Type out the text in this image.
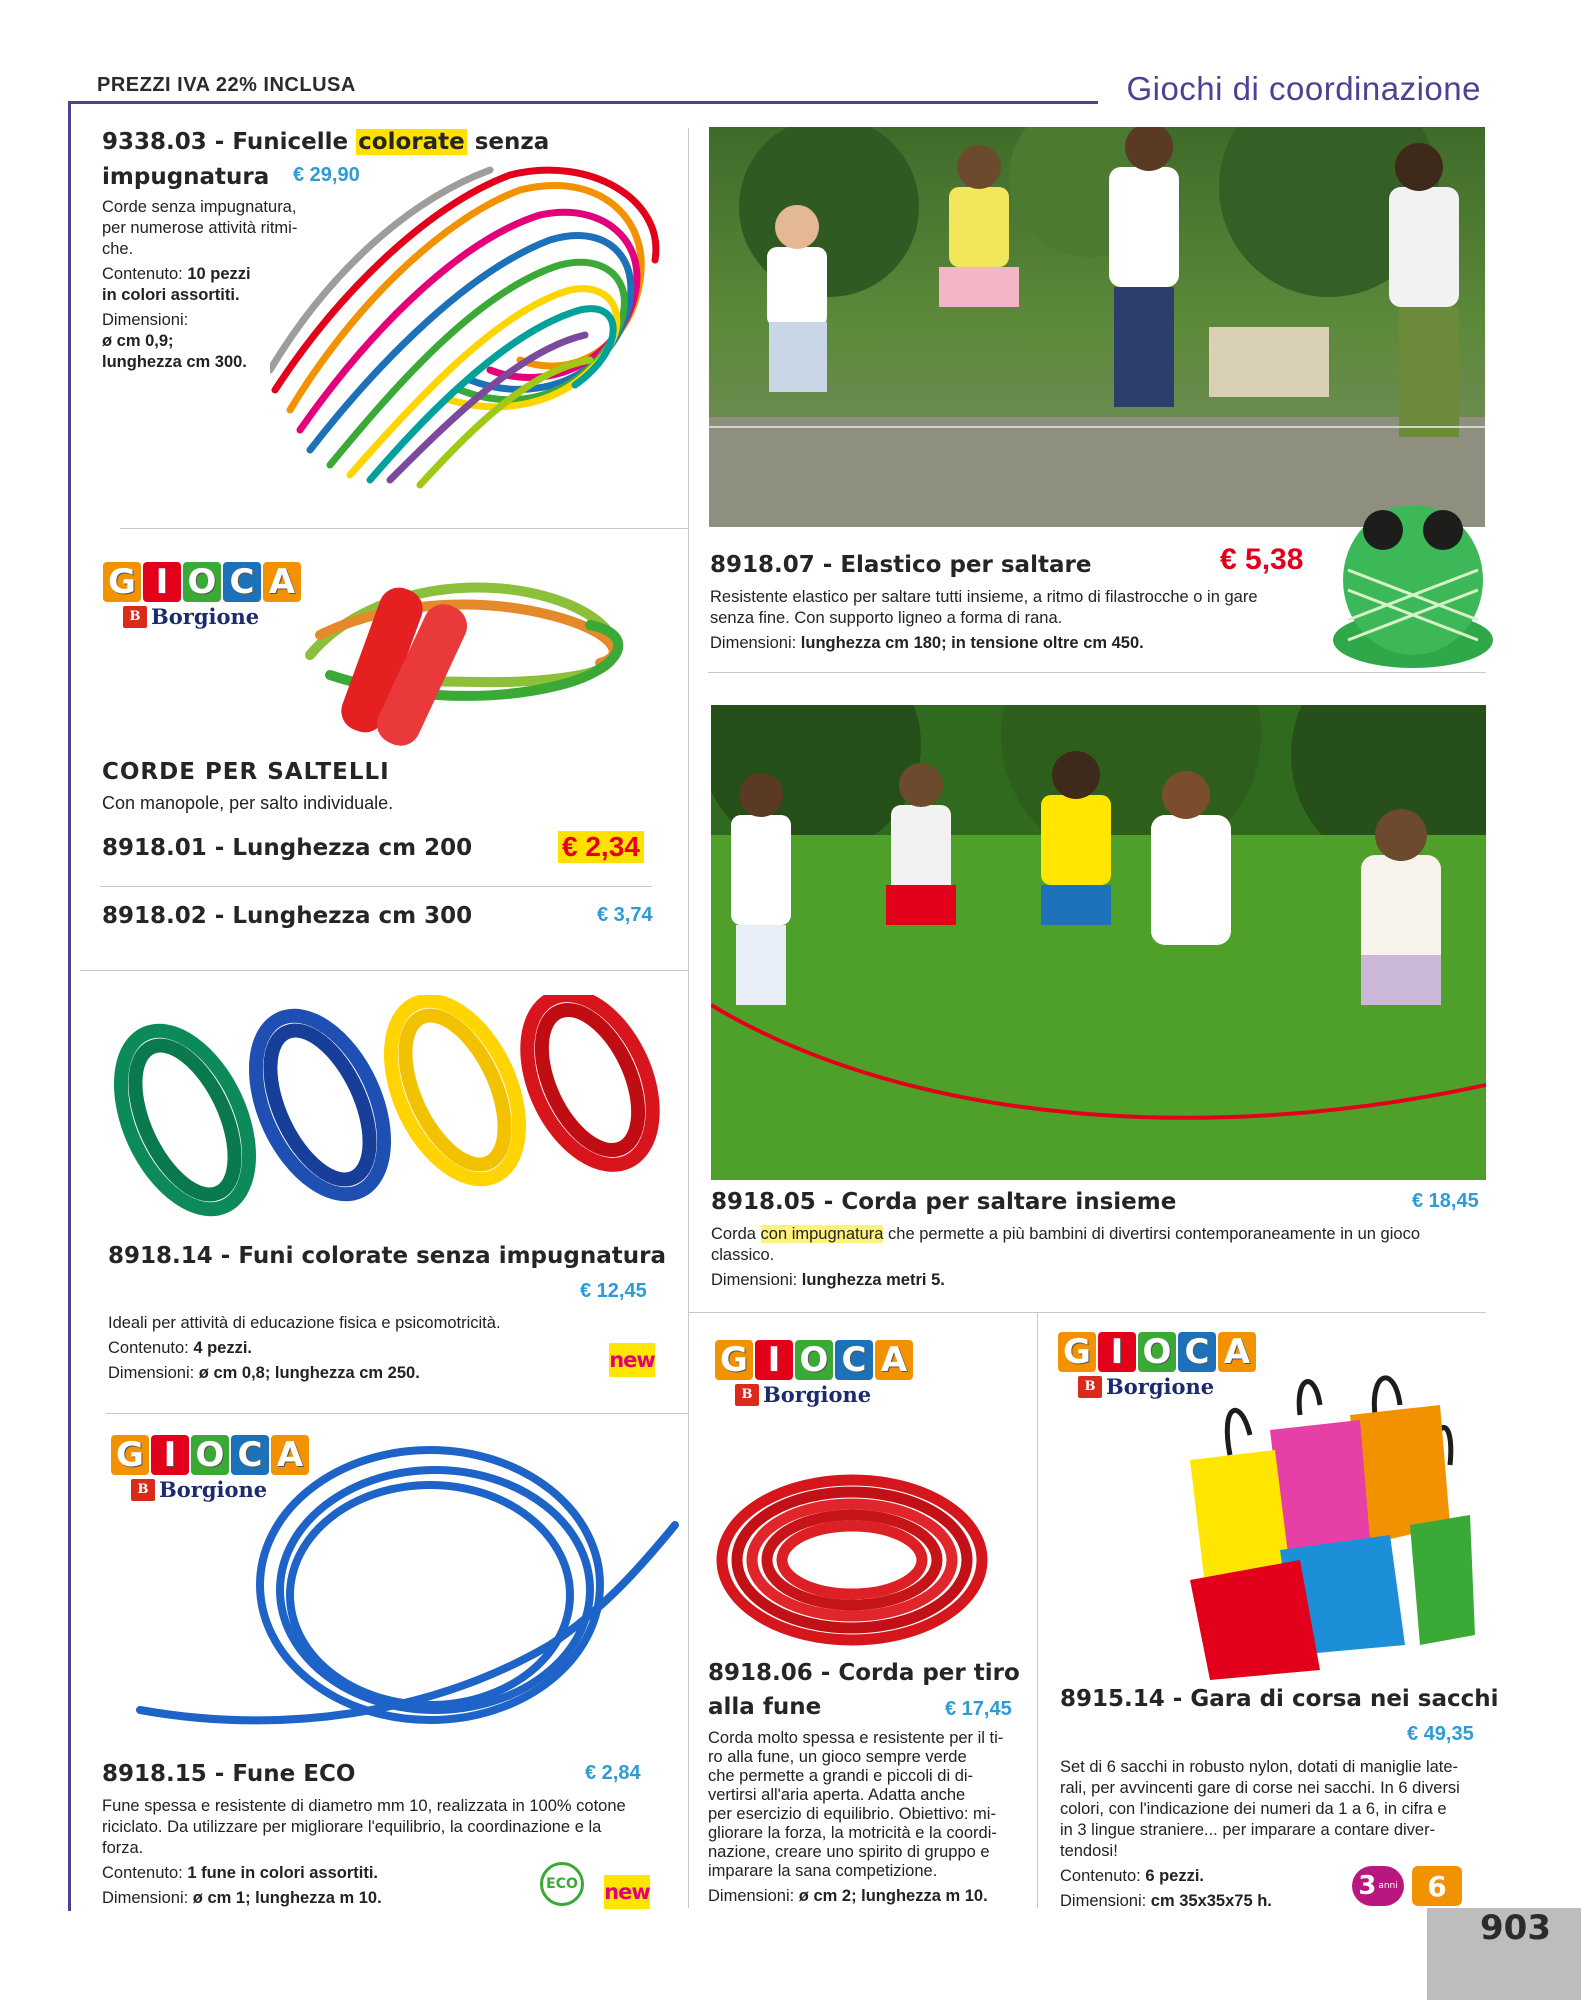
PREZZI IVA 22% INCLUSA	Giochi di coordinazione
9338.03 - Funicelle colorate senza
impugnatura € 29,90
Corde senza impugnatura,
per numerose attività ritmi-
che.
Contenuto: 10 pezzi
in colori assortiti.
Dimensioni:
ø cm 0,9;
lunghezza cm 300.
8918.07 - Elastico per saltare	€ 5,38
Resistente elastico per saltare tutti insieme, a ritmo di filastrocche o in gare
senza fine. Con supporto ligneo a forma di rana.
Dimensioni: lunghezza cm 180; in tensione oltre cm 450.
G I O C A
B Borgione
CORDE PER SALTELLI
Con manopole, per salto individuale.
8918.01 - Lunghezza cm 200	€ 2,34
8918.02 - Lunghezza cm 300	€ 3,74
8918.05 - Corda per saltare insieme	€ 18,45
Corda con impugnatura che permette a più bambini di divertirsi contemporaneamente in un gioco
classico.
Dimensioni: lunghezza metri 5.
8918.14 - Funi colorate senza impugnatura
€ 12,45
Ideali per attività di educazione fisica e psicomotricità.
Contenuto: 4 pezzi.
Dimensioni: ø cm 0,8; lunghezza cm 250.
new
G I O C A
B Borgione
8918.15 - Fune ECO	€ 2,84
Fune spessa e resistente di diametro mm 10, realizzata in 100% cotone
riciclato. Da utilizzare per migliorare l'equilibrio, la coordinazione e la
forza.
Contenuto: 1 fune in colori assortiti.
Dimensioni: ø cm 1; lunghezza m 10.
ECO new
G I O C A
B Borgione
8918.06 - Corda per tiro
alla fune	€ 17,45
Corda molto spessa e resistente per il ti-
ro alla fune, un gioco sempre verde
che permette a grandi e piccoli di di-
vertirsi all'aria aperta. Adatta anche
per esercizio di equilibrio. Obiettivo: mi-
gliorare la forza, la motricità e la coordi-
nazione, creare uno spirito di gruppo e
imparare la sana competizione.
Dimensioni: ø cm 2; lunghezza m 10.
G I O C A
B Borgione
8915.14 - Gara di corsa nei sacchi
€ 49,35
Set di 6 sacchi in robusto nylon, dotati di maniglie late-
rali, per avvincenti gare di corse nei sacchi. In 6 diversi
colori, con l'indicazione dei numeri da 1 a 6, in cifra e
in 3 lingue straniere... per imparare a contare diver-
tendosi!
Contenuto: 6 pezzi.
Dimensioni: cm 35x35x75 h.	3 anni	6
903
